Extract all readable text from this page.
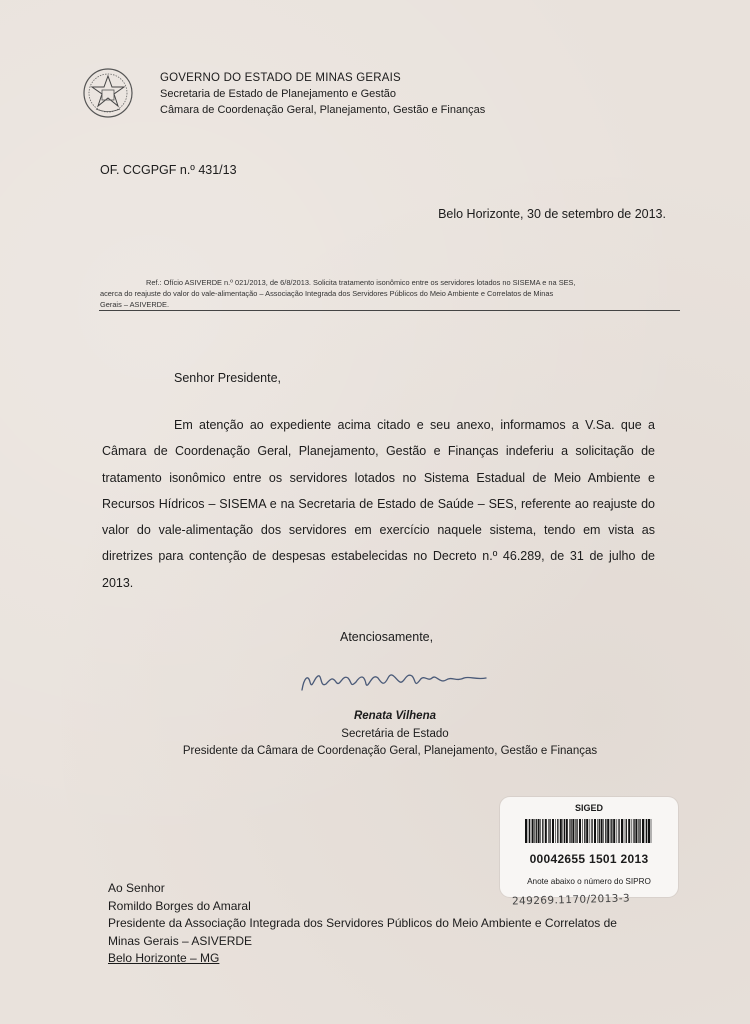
GOVERNO DO ESTADO DE MINAS GERAIS
Secretaria de Estado de Planejamento e Gestão
Câmara de Coordenação Geral, Planejamento, Gestão e Finanças
OF. CCGPGF n.º 431/13
Belo Horizonte, 30 de setembro de 2013.
Ref.: Ofício ASIVERDE n.º 021/2013, de 6/8/2013. Solicita tratamento isonômico entre os servidores lotados no SISEMA e na SES,
acerca do reajuste do valor do vale-alimentação – Associação Integrada dos Servidores Públicos do Meio Ambiente e Correlatos de Minas
Gerais – ASIVERDE.
Senhor Presidente,
Em atenção ao expediente acima citado e seu anexo, informamos a V.Sa. que a Câmara de Coordenação Geral, Planejamento, Gestão e Finanças indeferiu a solicitação de tratamento isonômico entre os servidores lotados no Sistema Estadual de Meio Ambiente e Recursos Hídricos – SISEMA e na Secretaria de Estado de Saúde – SES, referente ao reajuste do valor do vale-alimentação dos servidores em exercício naquele sistema, tendo em vista as diretrizes para contenção de despesas estabelecidas no Decreto n.º 46.289, de 31 de julho de 2013.
Atenciosamente,
Renata Vilhena
Secretária de Estado
Presidente da Câmara de Coordenação Geral, Planejamento, Gestão e Finanças
SIGED
00042655 1501 2013
Anote abaixo o número do SIPRO
249269.1170/2013-3
Ao Senhor
Romildo Borges do Amaral
Presidente da Associação Integrada dos Servidores Públicos do Meio Ambiente e Correlatos de
Minas Gerais – ASIVERDE
Belo Horizonte – MG
